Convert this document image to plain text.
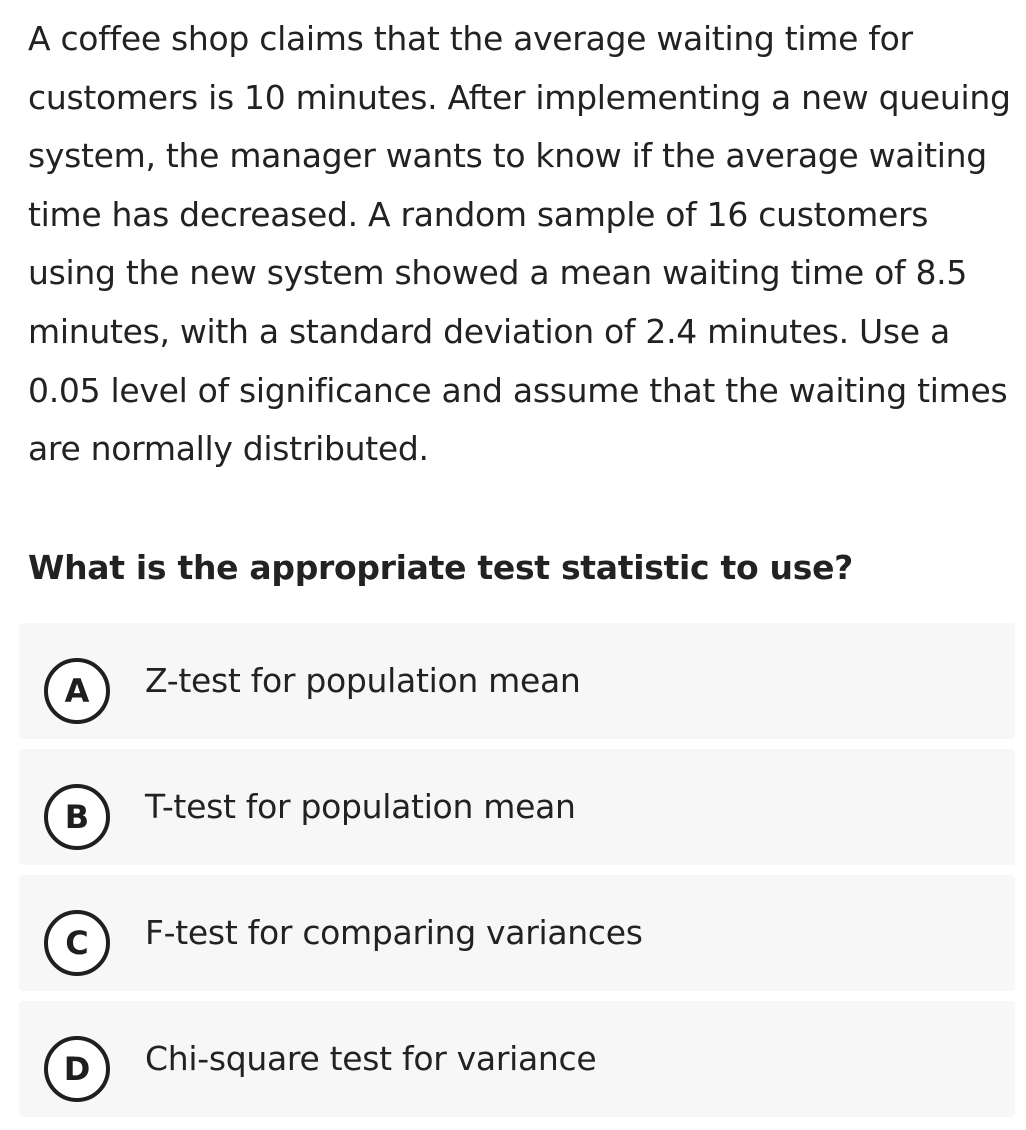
A coffee shop claims that the average waiting time for customers is 10 minutes. After implementing a new queuing system, the manager wants to know if the average waiting time has decreased. A random sample of 16 customers using the new system showed a mean waiting time of 8.5 minutes, with a standard deviation of 2.4 minutes. Use a 0.05 level of significance and assume that the waiting times are normally distributed.

What is the appropriate test statistic to use?

A	Z-test for population mean
B	T-test for population mean
C	F-test for comparing variances
D	Chi-square test for variance
